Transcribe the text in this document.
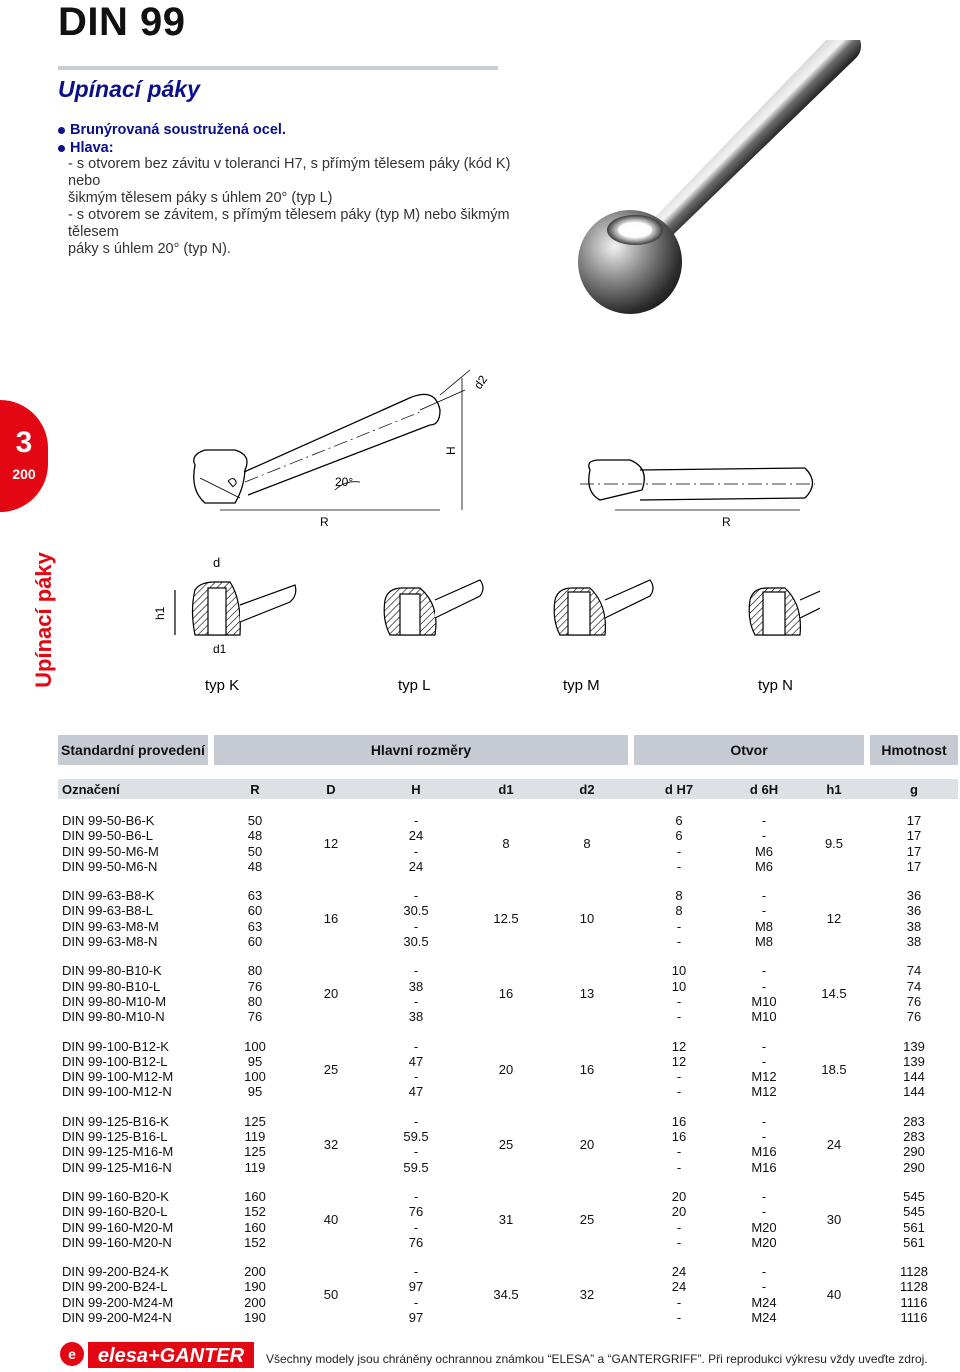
DIN 99
Upínací páky
Brunýrovaná soustružená ocel.
Hlava:
- s otvorem bez závitu v toleranci H7, s přímým tělesem páky (kód K) nebo
šikmým tělesem páky s úhlem 20° (typ L)
- s otvorem se závitem, s přímým tělesem páky (typ M) nebo šikmým tělesem
páky s úhlem 20° (typ N).
3
200
Upínací páky
D	20°
R
H
d2
R
d
h1
d1
typ K	typ L	typ M	typ N
Standardní provedení		Hlavní rozměry						Otvor				Hmotnost

Označení		R	D	H	d1	d2		d H7	d 6H	h1		g

DIN 99-50-B6-K		50	12	-	8	8		6	-	9.5		17
DIN 99-50-B6-L		48		24				6	-			17
DIN 99-50-M6-M		50		-				-	M6			17
DIN 99-50-M6-N		48		24				-	M6			17

DIN 99-63-B8-K		63	16	-	12.5	10		8	-	12		36
DIN 99-63-B8-L		60		30.5				8	-			36
DIN 99-63-M8-M		63		-				-	M8			38
DIN 99-63-M8-N		60		30.5				-	M8			38

DIN 99-80-B10-K		80	20	-	16	13		10	-	14.5		74
DIN 99-80-B10-L		76		38				10	-			74
DIN 99-80-M10-M		80		-				-	M10			76
DIN 99-80-M10-N		76		38				-	M10			76

DIN 99-100-B12-K		100	25	-	20	16		12	-	18.5		139
DIN 99-100-B12-L		95		47				12	-			139
DIN 99-100-M12-M		100		-				-	M12			144
DIN 99-100-M12-N		95		47				-	M12			144

DIN 99-125-B16-K		125	32	-	25	20		16	-	24		283
DIN 99-125-B16-L		119		59.5				16	-			283
DIN 99-125-M16-M		125		-				-	M16			290
DIN 99-125-M16-N		119		59.5				-	M16			290

DIN 99-160-B20-K		160	40	-	31	25		20	-	30		545
DIN 99-160-B20-L		152		76				20	-			545
DIN 99-160-M20-M		160		-				-	M20			561
DIN 99-160-M20-N		152		76				-	M20			561

DIN 99-200-B24-K		200	50	-	34.5	32		24	-	40		1128
DIN 99-200-B24-L		190		97				24	-			1128
DIN 99-200-M24-M		200		-				-	M24			1116
DIN 99-200-M24-N		190		97				-	M24			1116
e elesa+GANTER Všechny modely jsou chráněny ochrannou známkou “ELESA” a “GANTERGRIFF”. Při reprodukci výkresu vždy uveďte zdroj.
